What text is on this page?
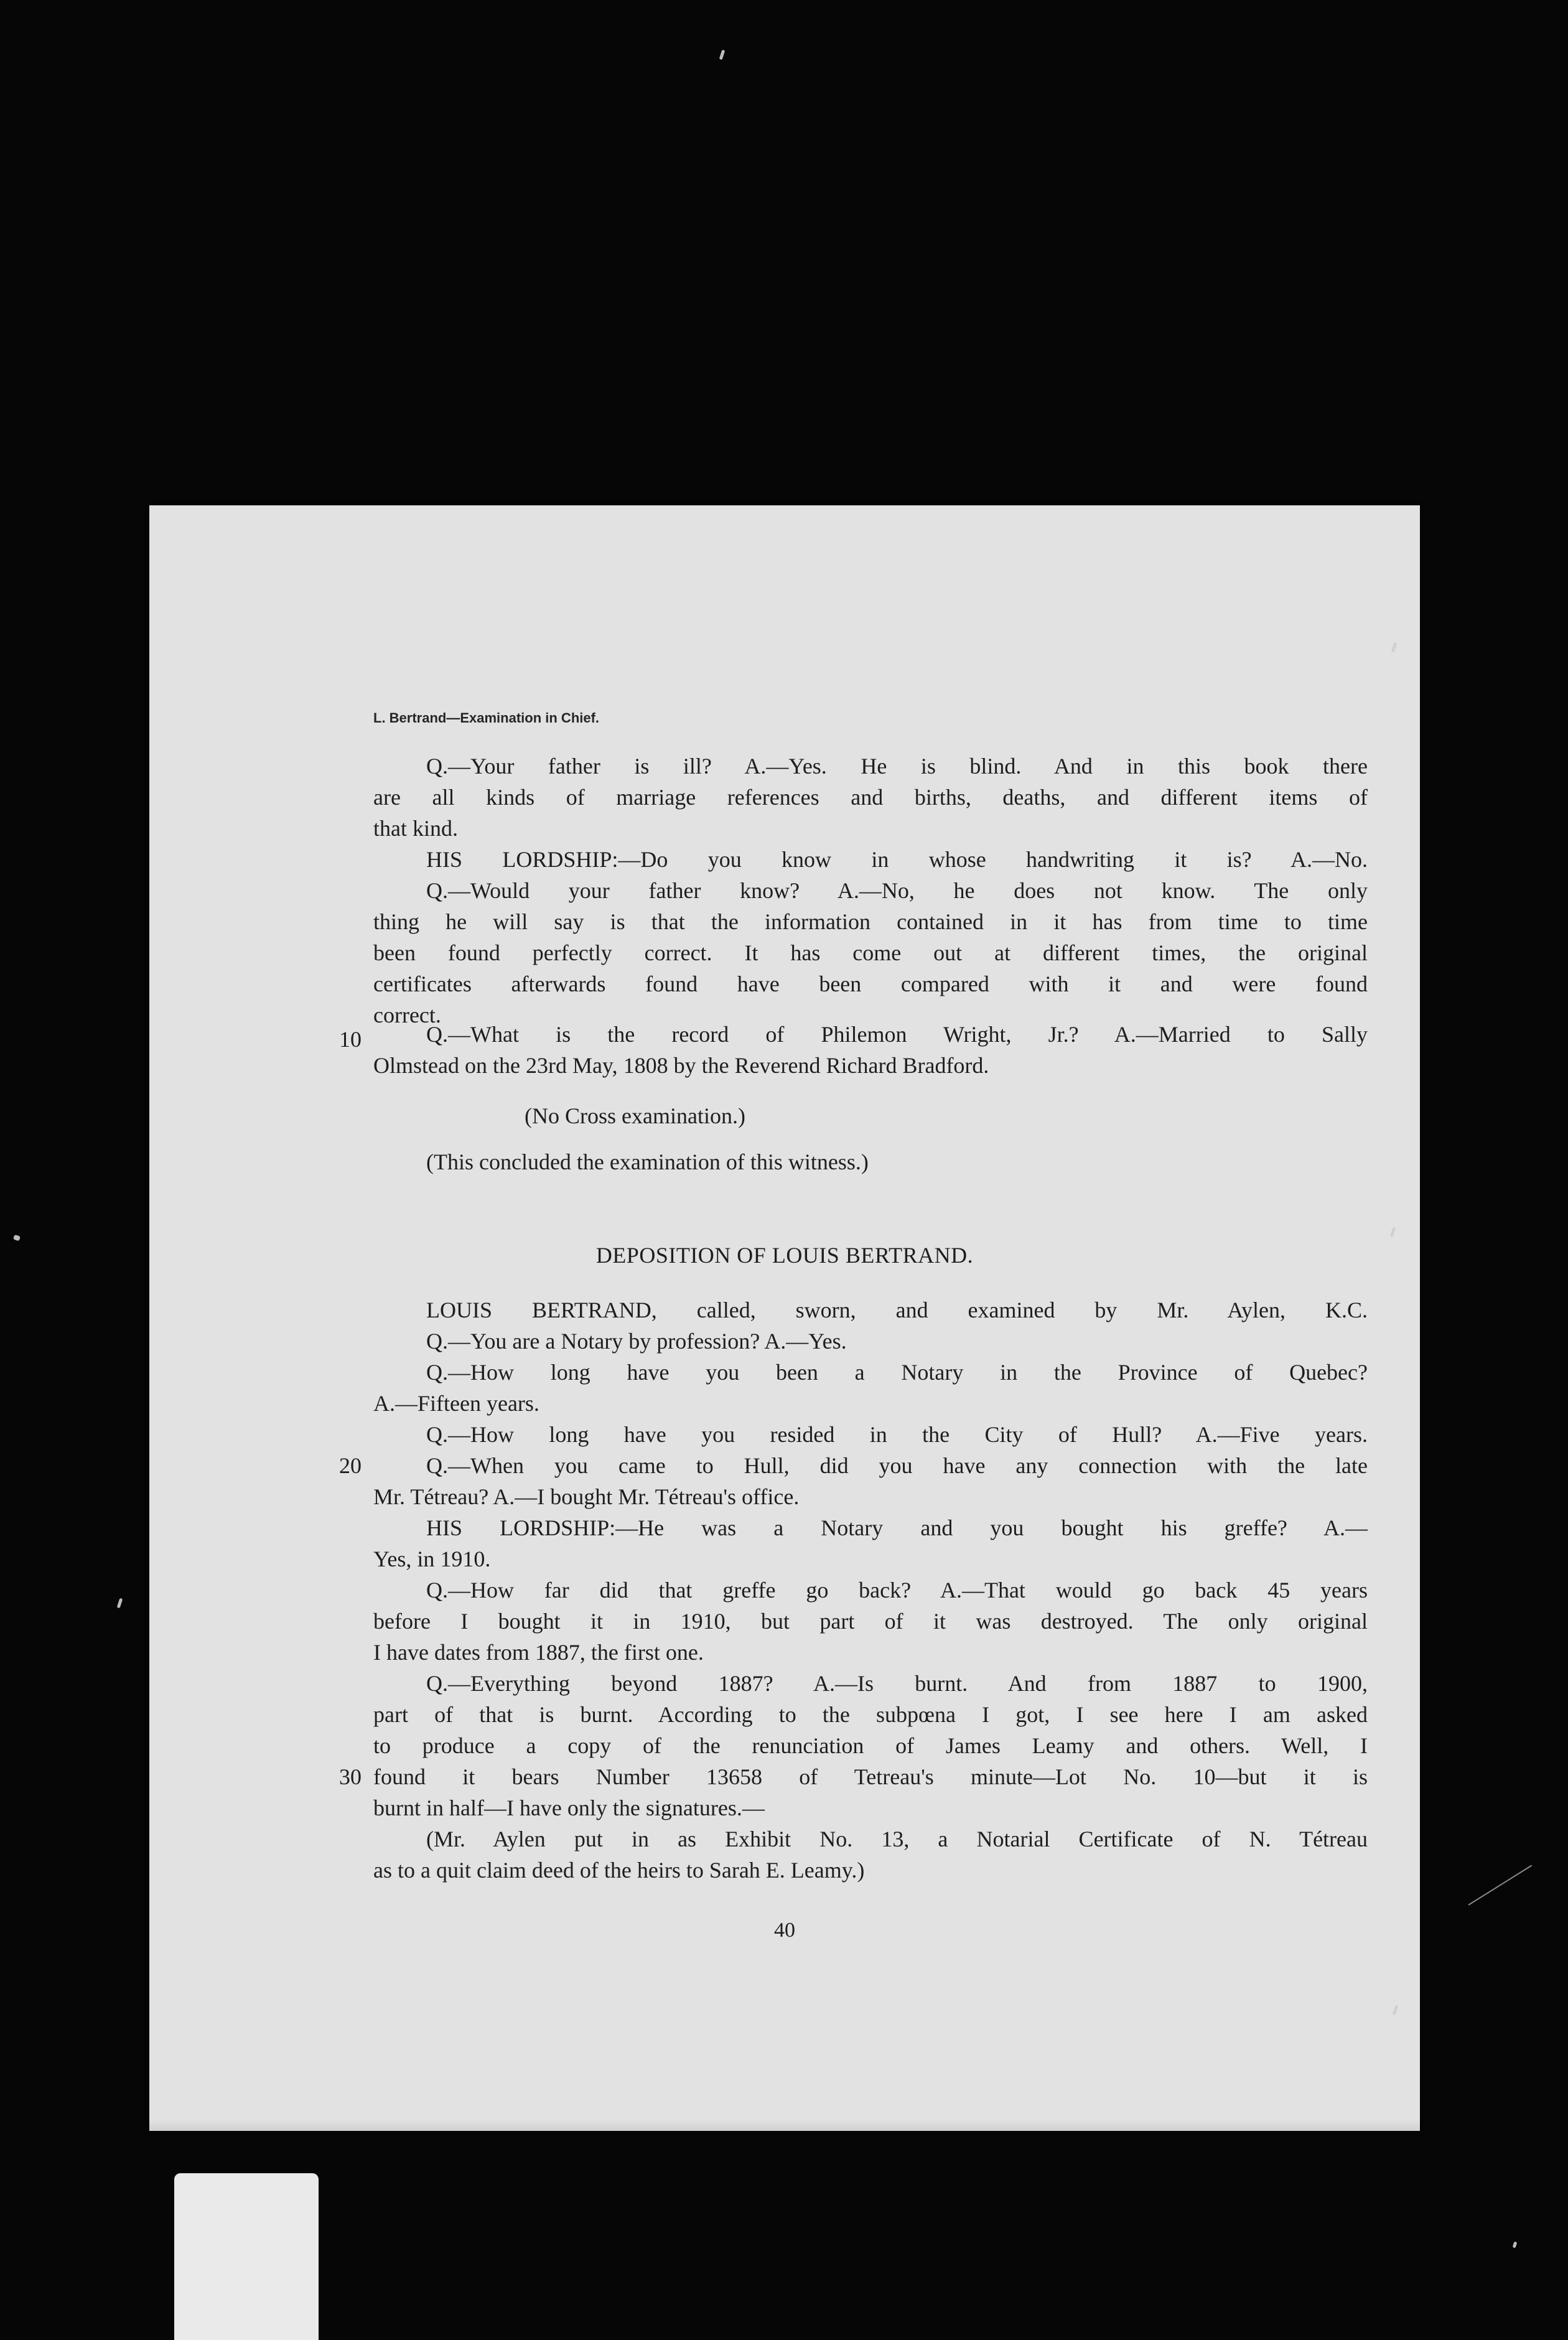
L. Bertrand—Examination in Chief.

Q.—Your father is ill? A.—Yes. He is blind. And in this book there

are all kinds of marriage references and births, deaths, and different items of

that kind.

HIS LORDSHIP:—Do you know in whose handwriting it is? A.—No.

Q.—Would your father know? A.—No, he does not know. The only

thing he will say is that the information contained in it has from time to time

been found perfectly correct. It has come out at different times, the original

certificates afterwards found have been compared with it and were found

correct.

10	Q.—What is the record of Philemon Wright, Jr.? A.—Married to Sally

Olmstead on the 23rd May, 1808 by the Reverend Richard Bradford.

(No Cross examination.)

(This concluded the examination of this witness.)

DEPOSITION OF LOUIS BERTRAND.

LOUIS BERTRAND, called, sworn, and examined by Mr. Aylen, K.C.

Q.—You are a Notary by profession? A.—Yes.

Q.—How long have you been a Notary in the Province of Quebec?

A.—Fifteen years.

Q.—How long have you resided in the City of Hull? A.—Five years.

20	Q.—When you came to Hull, did you have any connection with the late

Mr. Tétreau? A.—I bought Mr. Tétreau's office.

HIS LORDSHIP:—He was a Notary and you bought his greffe? A.—

Yes, in 1910.

Q.—How far did that greffe go back? A.—That would go back 45 years

before I bought it in 1910, but part of it was destroyed. The only original

I have dates from 1887, the first one.

Q.—Everything beyond 1887? A.—Is burnt. And from 1887 to 1900,

part of that is burnt. According to the subpœna I got, I see here I am asked

to produce a copy of the renunciation of James Leamy and others. Well, I

30 found it bears Number 13658 of Tetreau's minute—Lot No. 10—but it is

burnt in half—I have only the signatures.—

(Mr. Aylen put in as Exhibit No. 13, a Notarial Certificate of N. Tétreau

as to a quit claim deed of the heirs to Sarah E. Leamy.)

40
